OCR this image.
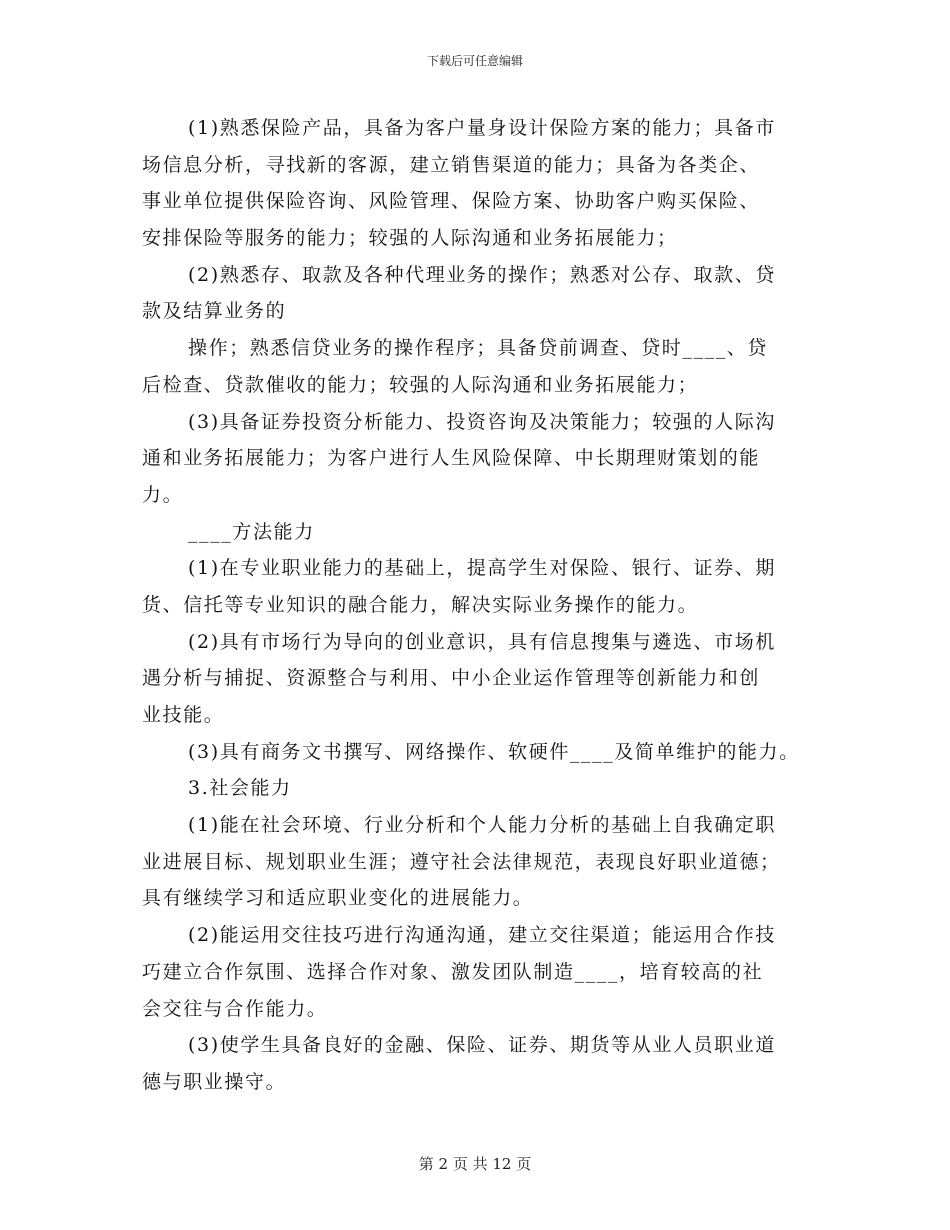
下载后可任意编辑
(1)熟悉保险产品，具备为客户量身设计保险方案的能力；具备市
场信息分析，寻找新的客源，建立销售渠道的能力；具备为各类企、
事业单位提供保险咨询、风险管理、保险方案、协助客户购买保险、
安排保险等服务的能力；较强的人际沟通和业务拓展能力；
(2)熟悉存、取款及各种代理业务的操作；熟悉对公存、取款、贷
款及结算业务的
操作；熟悉信贷业务的操作程序；具备贷前调查、贷时____、贷
后检查、贷款催收的能力；较强的人际沟通和业务拓展能力；
(3)具备证券投资分析能力、投资咨询及决策能力；较强的人际沟
通和业务拓展能力；为客户进行人生风险保障、中长期理财策划的能
力。
____方法能力
(1)在专业职业能力的基础上，提高学生对保险、银行、证券、期
货、信托等专业知识的融合能力，解决实际业务操作的能力。
(2)具有市场行为导向的创业意识，具有信息搜集与遴选、市场机
遇分析与捕捉、资源整合与利用、中小企业运作管理等创新能力和创
业技能。
(3)具有商务文书撰写、网络操作、软硬件____及简单维护的能力。
3.社会能力
(1)能在社会环境、行业分析和个人能力分析的基础上自我确定职
业进展目标、规划职业生涯；遵守社会法律规范，表现良好职业道德；
具有继续学习和适应职业变化的进展能力。
(2)能运用交往技巧进行沟通沟通，建立交往渠道；能运用合作技
巧建立合作氛围、选择合作对象、激发团队制造____，培育较高的社
会交往与合作能力。
(3)使学生具备良好的金融、保险、证券、期货等从业人员职业道
德与职业操守。
第 2 页 共 12 页
